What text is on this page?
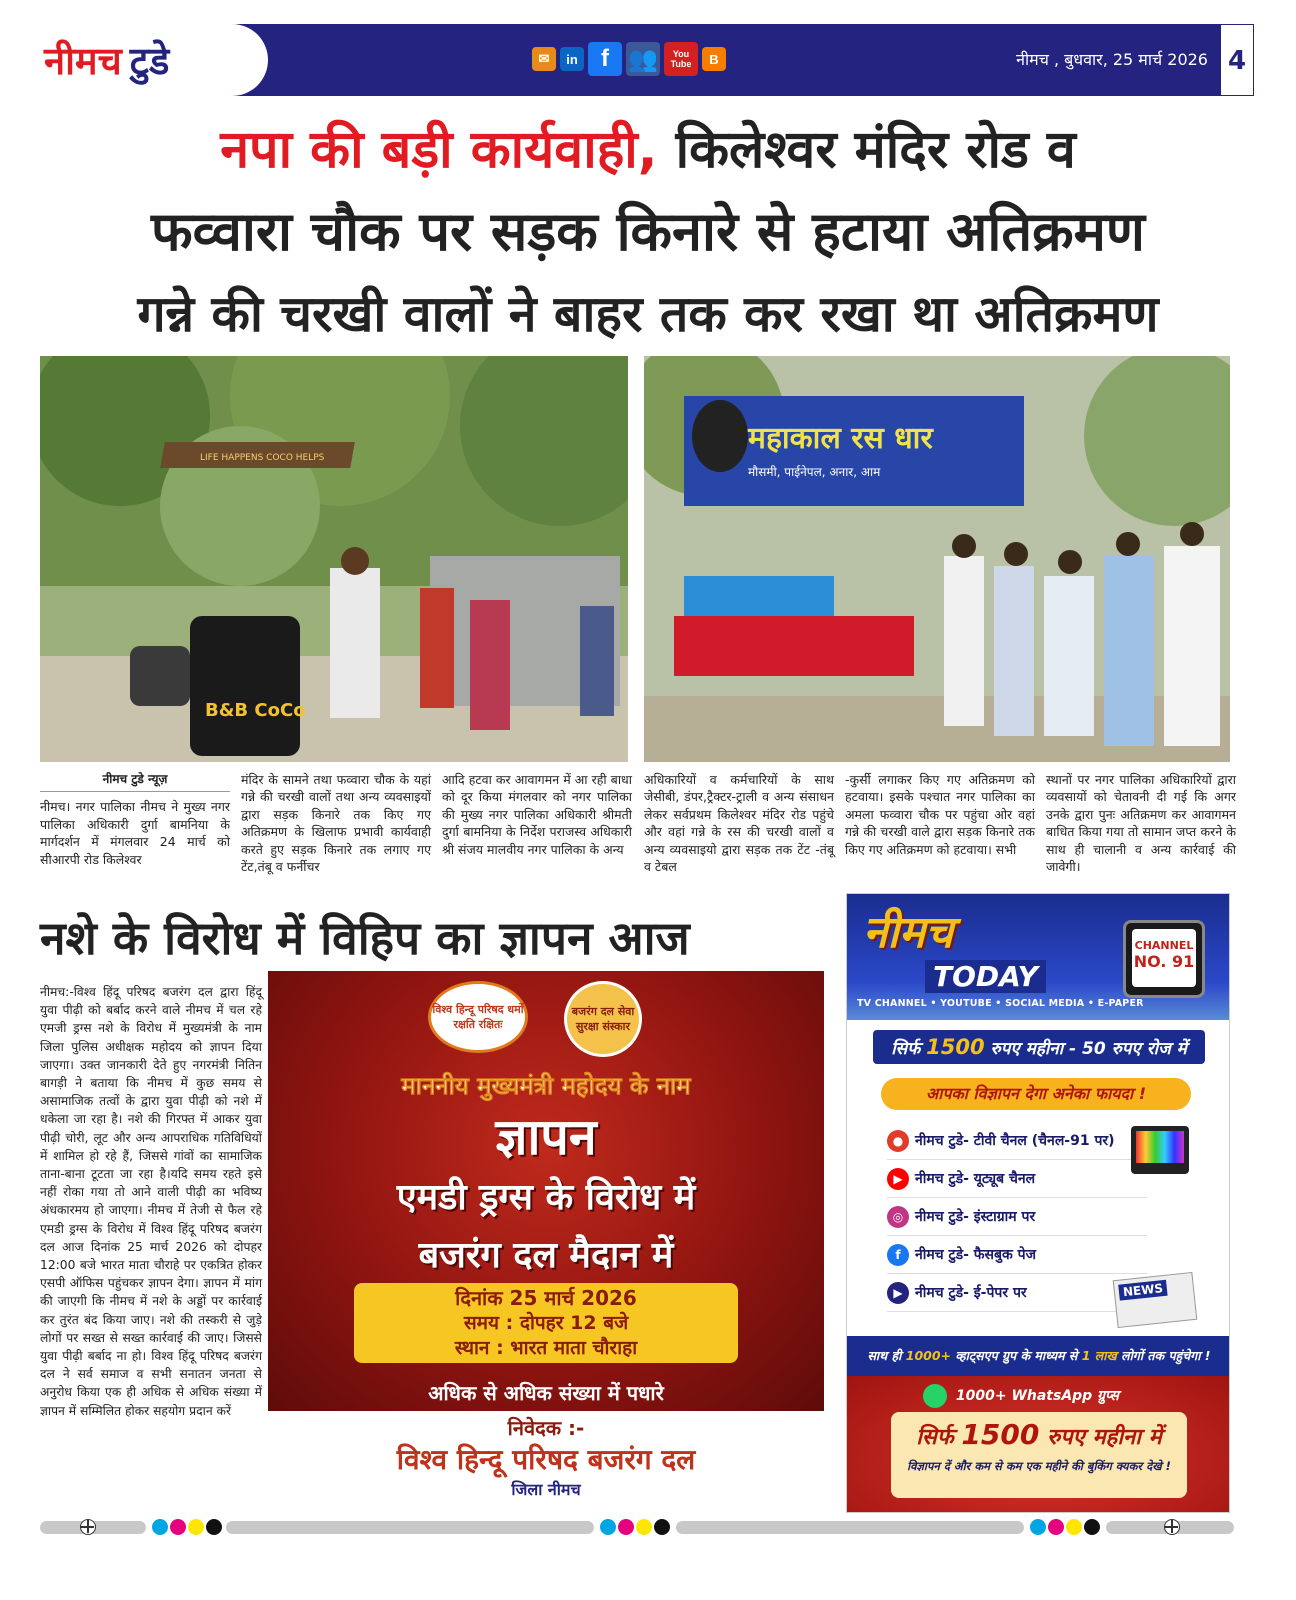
नीमच टुडे	✉	in f 👥	You Tube	B	नीमच , बुधवार, 25 मार्च 2026 4
नपा की बड़ी कार्यवाही, किलेश्वर मंदिर रोड व
फव्वारा चौक पर सड़क किनारे से हटाया अतिक्रमण
गन्ने की चरखी वालों ने बाहर तक कर रखा था अतिक्रमण
LIFE HAPPENS COCO HELPS
B&B CoCo
महाकाल रस धार
मौसमी, पाईनेपल, अनार, आम
नीमच टुडे न्यूज़
नीमच। नगर पालिका नीमच ने मुख्य नगर पालिका अधिकारी दुर्गा बामनिया के मार्गदर्शन में मंगलवार 24 मार्च को सीआरपी रोड किलेश्वर
मंदिर के सामने तथा फव्वारा चौक के यहां गन्ने की चरखी वालों तथा अन्य व्यवसाइयों द्वारा सड़क किनारे तक किए गए अतिक्रमण के खिलाफ प्रभावी कार्यवाही करते हुए सड़क किनारे तक लगाए गए टेंट,तंबू व फर्नीचर
आदि हटवा कर आवागमन में आ रही बाधा को दूर किया मंगलवार को नगर पालिका की मुख्य नगर पालिका अधिकारी श्रीमती दुर्गा बामनिया के निर्देश पराजस्व अधिकारी श्री संजय मालवीय नगर पालिका के अन्य
अधिकारियों व कर्मचारियों के साथ जेसीबी, डंपर,ट्रैक्टर-ट्राली व अन्य संसाधन लेकर सर्वप्रथम किलेश्वर मंदिर रोड पहुंचे और वहां गन्ने के रस की चरखी वालों व अन्य व्यवसाइयो द्वारा सड़क तक टेंट -तंबू व टेबल
-कुर्सी लगाकर किए गए अतिक्रमण को हटवाया। इसके पश्चात नगर पालिका का अमला फव्वारा चौक पर पहुंचा ओर वहां गन्ने की चरखी वाले द्वारा सड़क किनारे तक किए गए अतिक्रमण को हटवाया। सभी
स्थानों पर नगर पालिका अधिकारियों द्वारा व्यवसायों को चेतावनी दी गई कि अगर उनके द्वारा पुनः अतिक्रमण कर आवागमन बाधित किया गया तो सामान जप्त करने के साथ ही चालानी व अन्य कार्रवाई की जावेगी।
नशे के विरोध में विहिप का ज्ञापन आज
नीमच:-विश्व हिंदू परिषद बजरंग दल द्वारा हिंदू युवा पीढ़ी को बर्बाद करने वाले नीमच में चल रहे एमजी ड्रग्स नशे के विरोध में मुख्यमंत्री के नाम जिला पुलिस अधीक्षक महोदय को ज्ञापन दिया जाएगा। उक्त जानकारी देते हुए नगरमंत्री नितिन बागड़ी ने बताया कि नीमच में कुछ समय से असामाजिक तत्वों के द्वारा युवा पीढ़ी को नशे में धकेला जा रहा है। नशे की गिरफ्त में आकर युवा पीढ़ी चोरी, लूट और अन्य आपराधिक गतिविधियों में शामिल हो रहे हैं, जिससे गांवों का सामाजिक ताना-बाना टूटता जा रहा है।यदि समय रहते इसे नहीं रोका गया तो आने वाली पीढ़ी का भविष्य अंधकारमय हो जाएगा। नीमच में तेजी से फैल रहे एमडी ड्रग्स के विरोध में विश्व हिंदू परिषद बजरंग दल आज दिनांक 25 मार्च 2026 को दोपहर 12:00 बजे भारत माता चौराहे पर एकत्रित होकर एसपी ऑफिस पहुंचकर ज्ञापन देगा। ज्ञापन में मांग की जाएगी कि नीमच में नशे के अड्डों पर कार्रवाई कर तुरंत बंद किया जाए। नशे की तस्करी से जुड़े लोगों पर सख्त से सख्त कार्रवाई की जाए। जिससे युवा पीढ़ी बर्बाद ना हो। विश्व हिंदू परिषद बजरंग दल ने सर्व समाज व सभी सनातन जनता से अनुरोध किया एक ही अधिक से अधिक संख्या में ज्ञापन में सम्मिलित होकर सहयोग प्रदान करें
विश्व हिन्दू परिषद धर्मो रक्षति रक्षितः
बजरंग दल सेवा सुरक्षा संस्कार
माननीय मुख्यमंत्री महोदय के नाम
ज्ञापन
एमडी ड्रग्स के विरोध में
बजरंग दल मैदान में
दिनांक 25 मार्च 2026
समय : दोपहर 12 बजे
स्थान : भारत माता चौराहा
अधिक से अधिक संख्या में पधारे
निवेदक :-
विश्व हिन्दू परिषद बजरंग दल
जिला नीमच
नीमच
TODAY
TV CHANNEL • YOUTUBE • SOCIAL MEDIA • E-PAPER
CHANNEL
NO. 91
सिर्फ 1500 रुपए महीना - 50 रुपए रोज में
आपका विज्ञापन देगा अनेका फायदा !
● नीमच टुडे- टीवी चैनल (चैनल-91 पर)
▶ नीमच टुडे- यूट्यूब चैनल
◎ नीमच टुडे- इंस्टाग्राम पर
f	नीमच टुडे- फैसबुक पेज
▶ नीमच टुडे- ई-पेपर पर	NEWS
साथ ही 1000+ व्हाट्सएप ग्रुप के माध्यम से 1 लाख लोगों तक पहुंचेगा !
1000+ WhatsApp ग्रुप्स
सिर्फ 1500 रुपए महीना में
विज्ञापन दें और कम से कम एक महीने की बुकिंग क्यकर देखे !
